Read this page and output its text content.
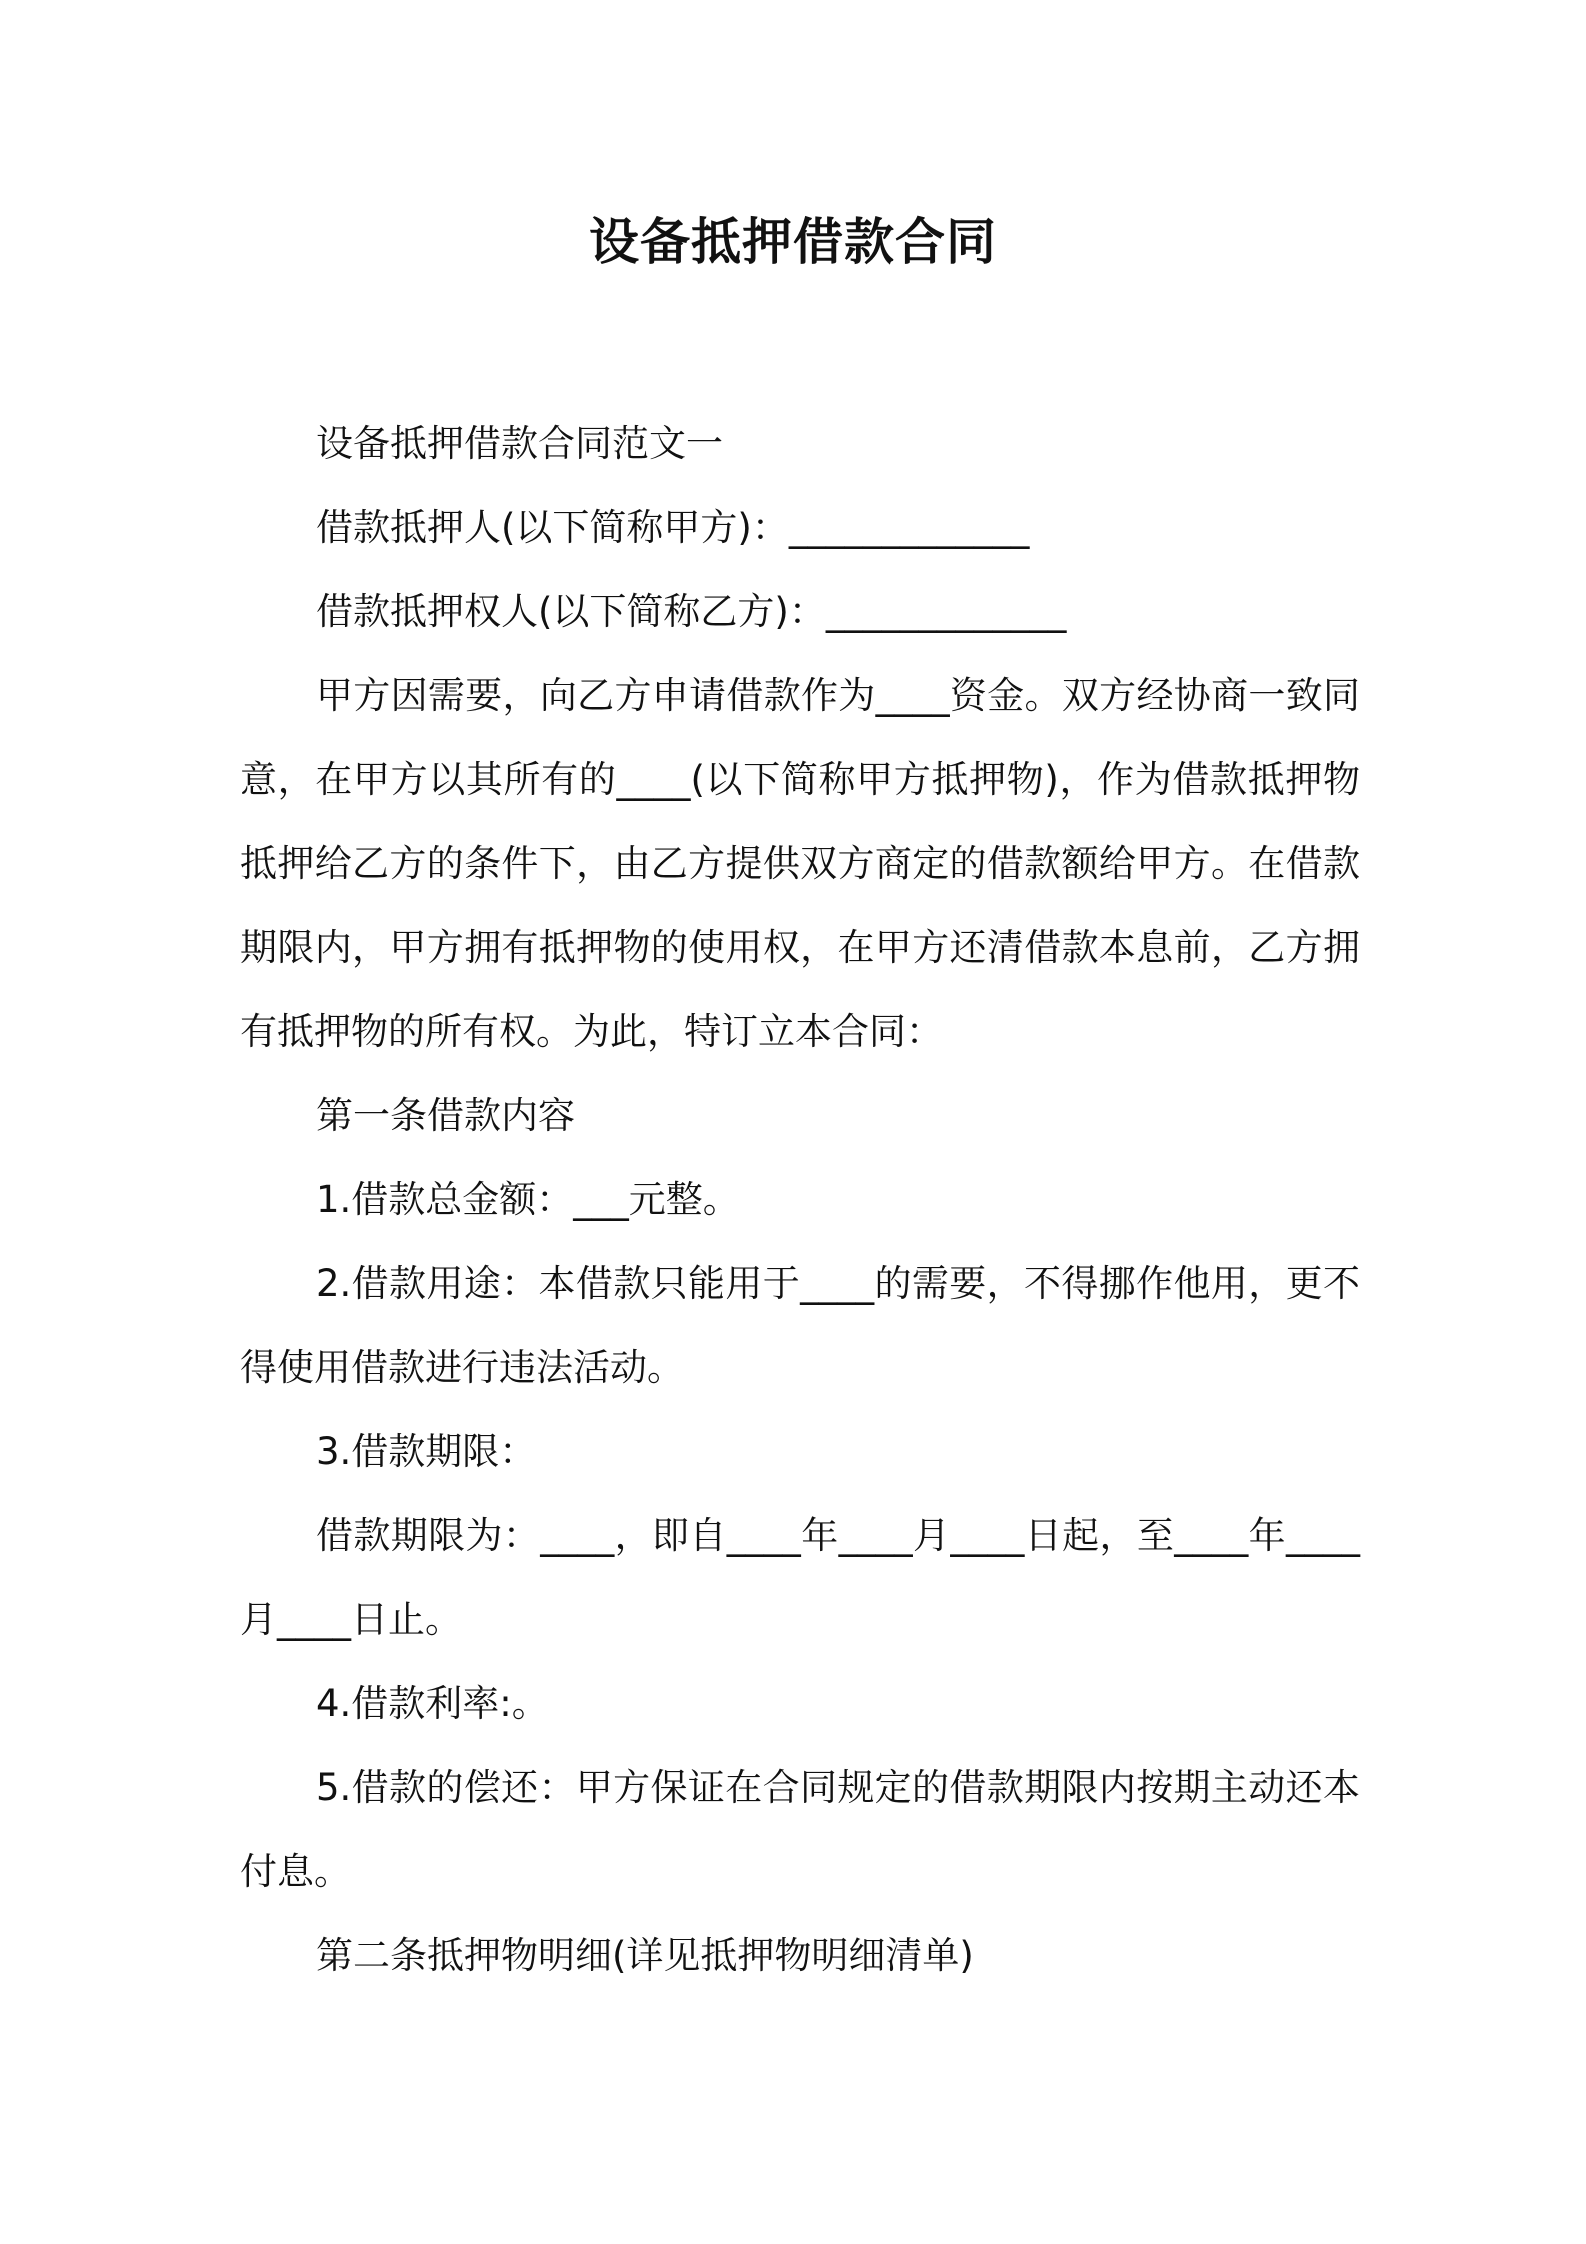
设备抵押借款合同

设备抵押借款合同范文一

借款抵押人(以下简称甲方)：_____________

借款抵押权人(以下简称乙方)：_____________

甲方因需要，向乙方申请借款作为____资金。双方经协商一致同意，在甲方以其所有的____(以下简称甲方抵押物)，作为借款抵押物抵押给乙方的条件下，由乙方提供双方商定的借款额给甲方。在借款期限内，甲方拥有抵押物的使用权，在甲方还清借款本息前，乙方拥有抵押物的所有权。为此，特订立本合同：

第一条借款内容

1.借款总金额：___元整。

2.借款用途：本借款只能用于____的需要，不得挪作他用，更不得使用借款进行违法活动。

3.借款期限：

借款期限为：____，即自____年____月____日起，至____年____月____日止。

4.借款利率:。

5.借款的偿还：甲方保证在合同规定的借款期限内按期主动还本付息。

第二条抵押物明细(详见抵押物明细清单)
